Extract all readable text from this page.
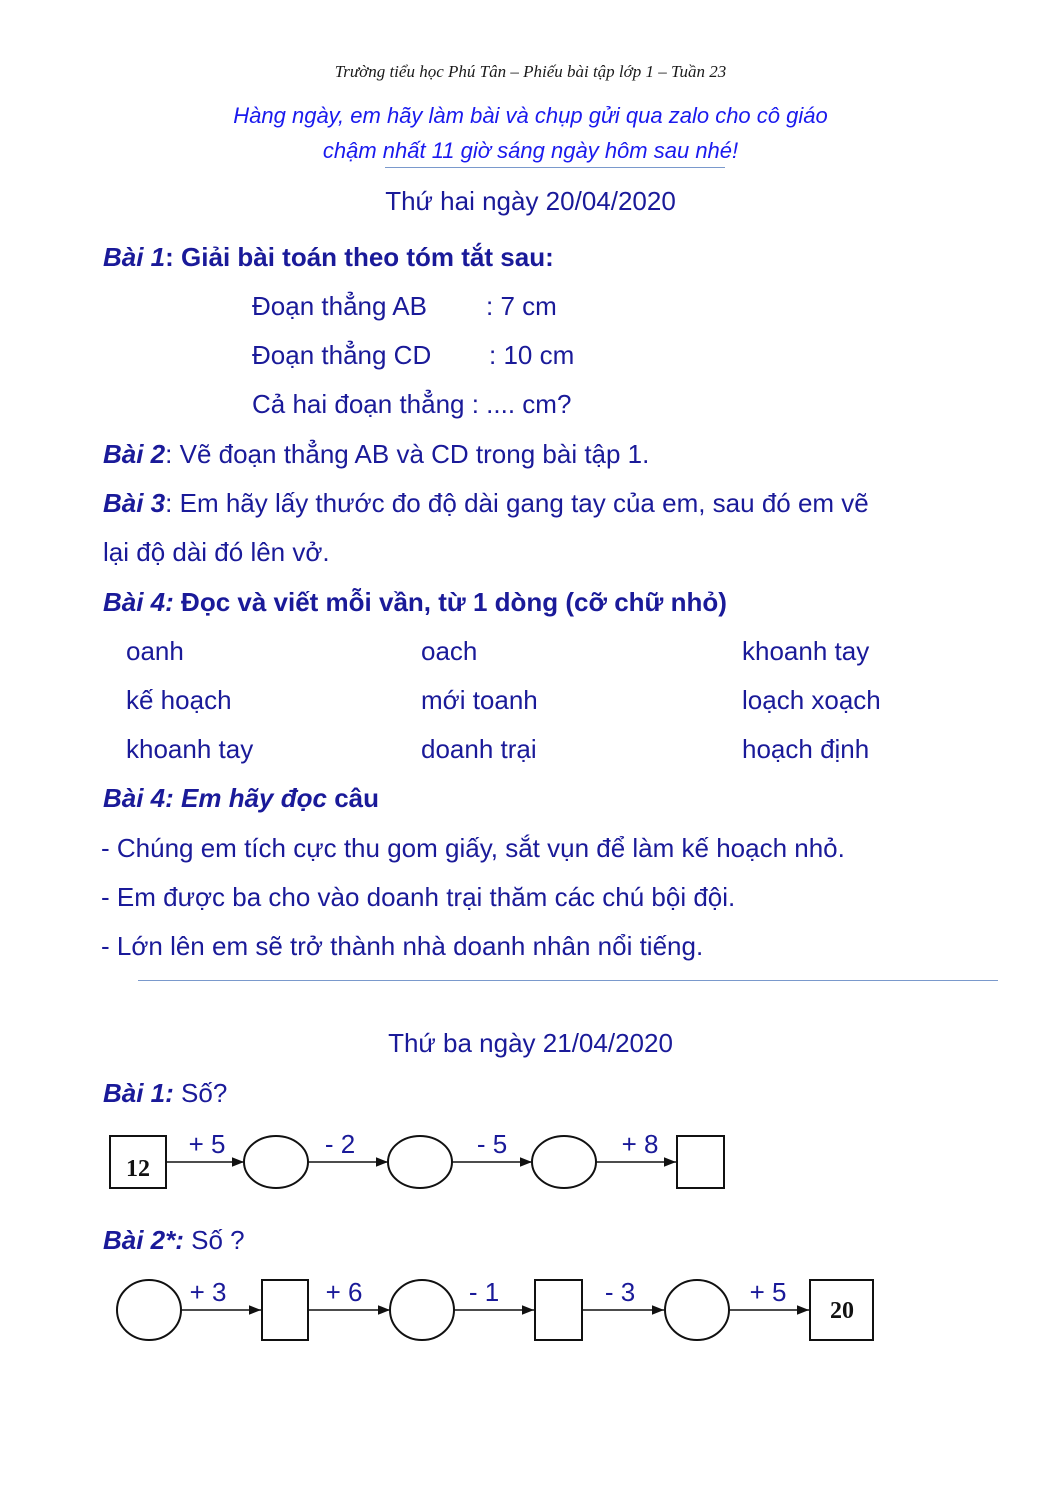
Trường tiểu học Phú Tân – Phiếu bài tập lớp 1 – Tuần 23
Hàng ngày, em hãy làm bài và chụp gửi qua zalo cho cô giáo
chậm nhất 11 giờ sáng ngày hôm sau nhé!
Thứ hai ngày 20/04/2020
Bài 1: Giải bài toán theo tóm tắt sau:
Đoạn thẳng AB : 7 cm
Đoạn thẳng CD : 10 cm
Cả hai đoạn thẳng : .... cm?
Bài 2: Vẽ đoạn thẳng AB và CD trong bài tập 1.
Bài 3: Em hãy lấy thước đo độ dài gang tay của em, sau đó em vẽ
lại độ dài đó lên vở.
Bài 4: Đọc và viết mỗi vần, từ 1 dòng (cỡ chữ nhỏ)
oanh	oach	khoanh tay
kế hoạch	mới toanh	loạch xoạch
khoanh tay	doanh trại	hoạch định
Bài 4: Em hãy đọc câu
- Chúng em tích cực thu gom giấy, sắt vụn để làm kế hoạch nhỏ.
- Em được ba cho vào doanh trại thăm các chú bội đội.
- Lớn lên em sẽ trở thành nhà doanh nhân nổi tiếng.
Thứ ba ngày 21/04/2020
Bài 1: Số?
12
+ 5	- 2	- 5	+ 8
Bài 2*: Số ?
+ 3	+ 6	- 1	- 3	+ 5
20
